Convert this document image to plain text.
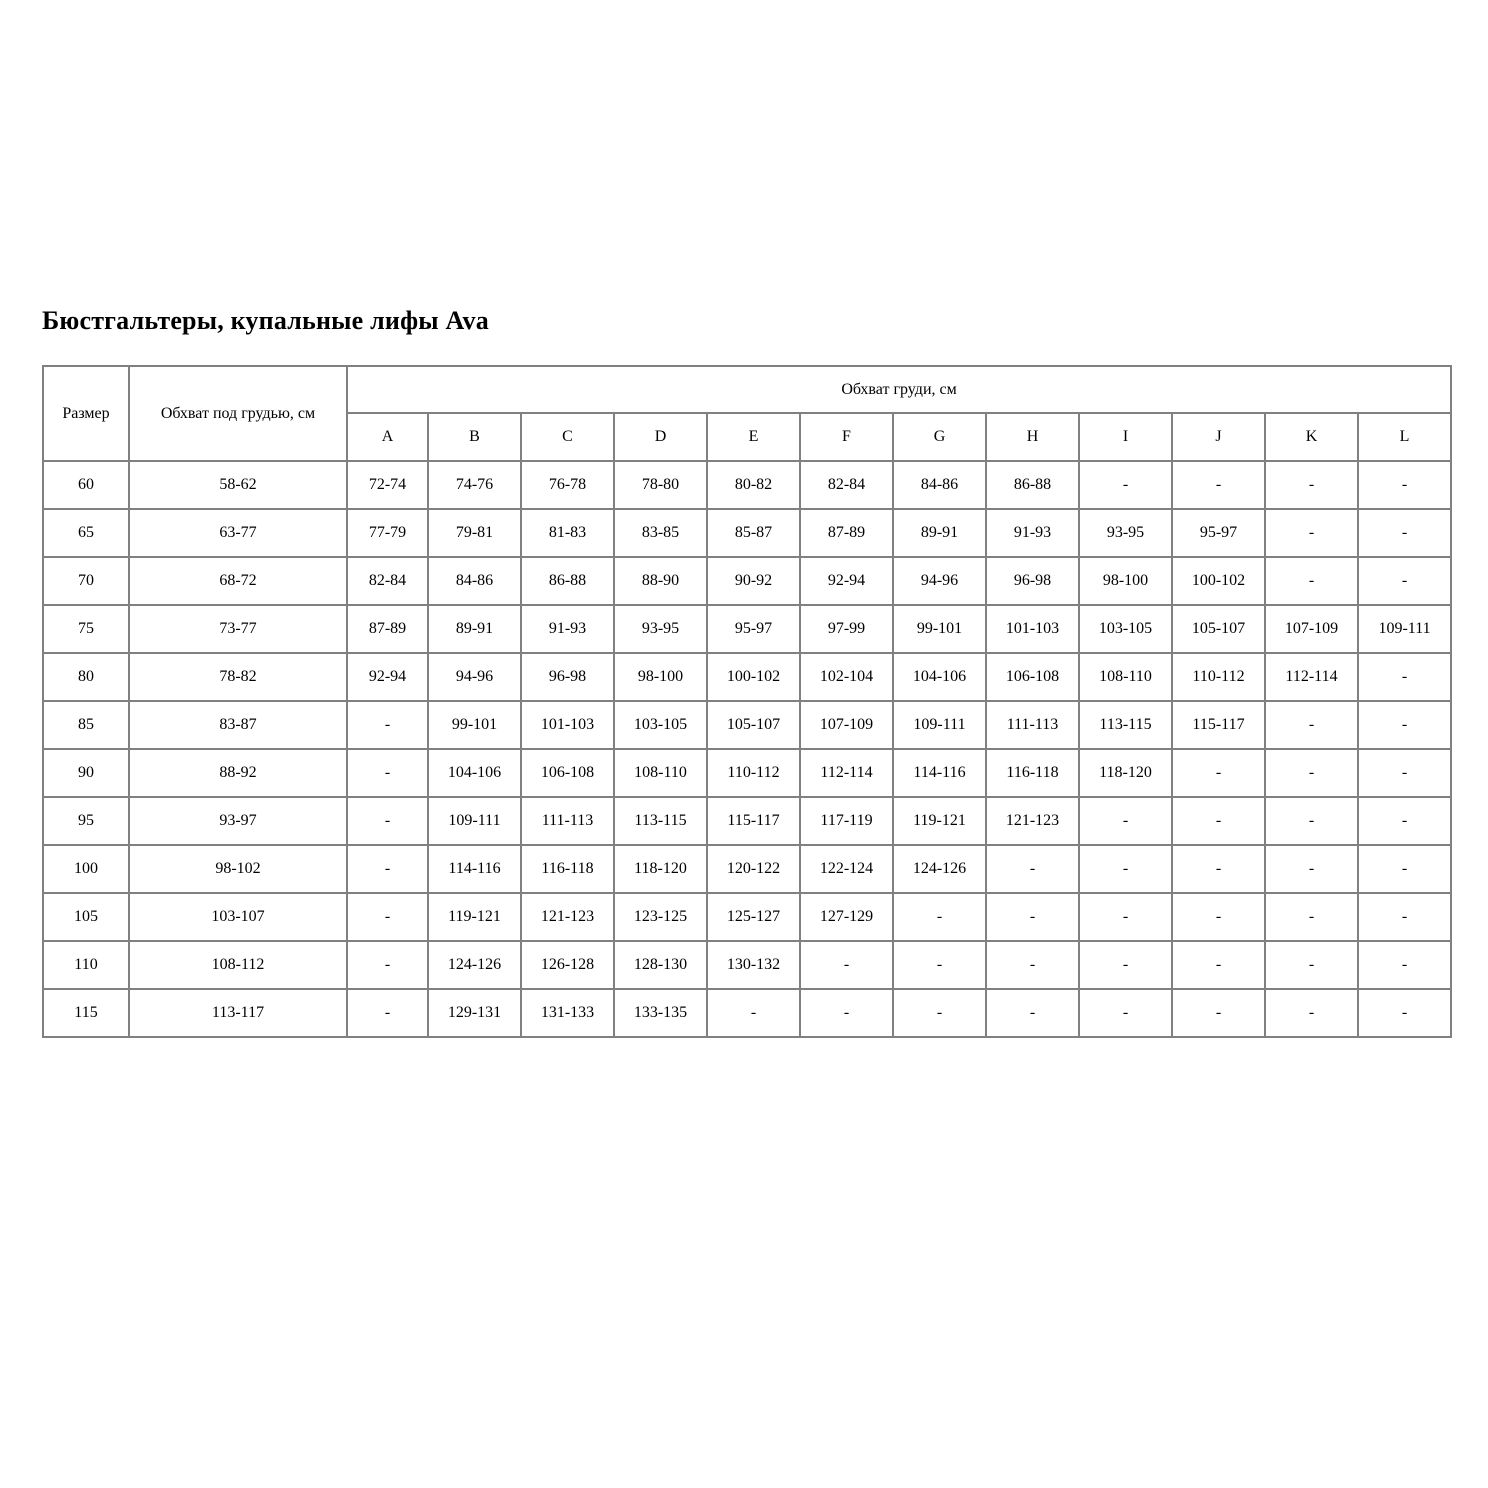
Бюстгальтеры, купальные лифы Ava
Размер	Обхват под грудью, см	Обхват груди, см											
		A	B	C	D	E	F	G	H	I	J	K	L
60	58-62	72-74	74-76	76-78	78-80	80-82	82-84	84-86	86-88	-	-	-	-
65	63-77	77-79	79-81	81-83	83-85	85-87	87-89	89-91	91-93	93-95	95-97	-	-
70	68-72	82-84	84-86	86-88	88-90	90-92	92-94	94-96	96-98	98-100	100-102	-	-
75	73-77	87-89	89-91	91-93	93-95	95-97	97-99	99-101	101-103	103-105	105-107	107-109	109-111
80	78-82	92-94	94-96	96-98	98-100	100-102	102-104	104-106	106-108	108-110	110-112	112-114	-
85	83-87	-	99-101	101-103	103-105	105-107	107-109	109-111	111-113	113-115	115-117	-	-
90	88-92	-	104-106	106-108	108-110	110-112	112-114	114-116	116-118	118-120	-	-	-
95	93-97	-	109-111	111-113	113-115	115-117	117-119	119-121	121-123	-	-	-	-
100	98-102	-	114-116	116-118	118-120	120-122	122-124	124-126	-	-	-	-	-
105	103-107	-	119-121	121-123	123-125	125-127	127-129	-	-	-	-	-	-
110	108-112	-	124-126	126-128	128-130	130-132	-	-	-	-	-	-	-
115	113-117	-	129-131	131-133	133-135	-	-	-	-	-	-	-	-
